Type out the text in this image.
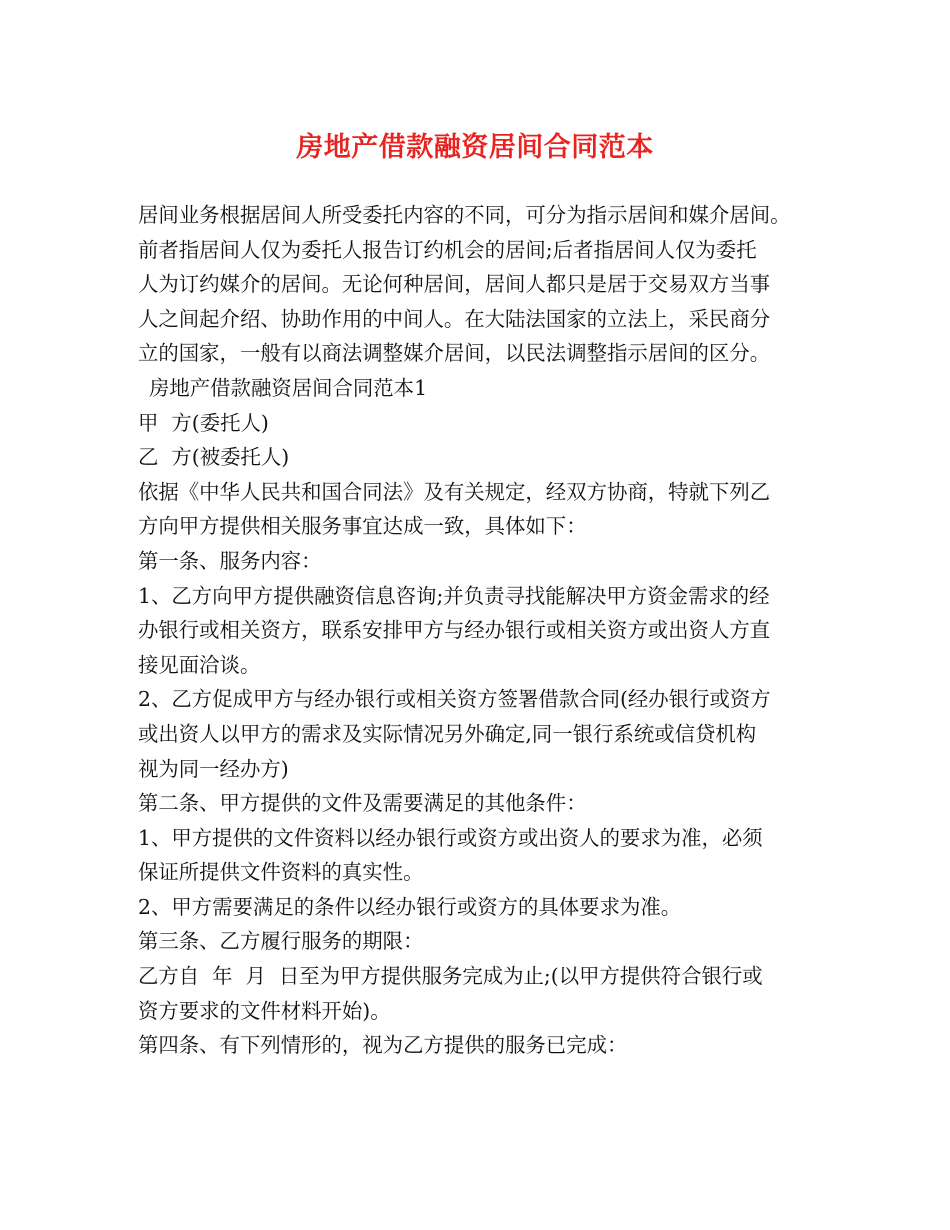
房地产借款融资居间合同范本
居间业务根据居间人所受委托内容的不同，可分为指示居间和媒介居间。
前者指居间人仅为委托人报告订约机会的居间;后者指居间人仅为委托
人为订约媒介的居间。无论何种居间，居间人都只是居于交易双方当事
人之间起介绍、协助作用的中间人。在大陆法国家的立法上，采民商分
立的国家，一般有以商法调整媒介居间，以民法调整指示居间的区分。
房地产借款融资居间合同范本1
甲  方(委托人)
乙  方(被委托人)
依据《中华人民共和国合同法》及有关规定，经双方协商，特就下列乙
方向甲方提供相关服务事宜达成一致，具体如下：
第一条、服务内容：
1、乙方向甲方提供融资信息咨询;并负责寻找能解决甲方资金需求的经
办银行或相关资方，联系安排甲方与经办银行或相关资方或出资人方直
接见面洽谈。
2、乙方促成甲方与经办银行或相关资方签署借款合同(经办银行或资方
或出资人以甲方的需求及实际情况另外确定,同一银行系统或信贷机构
视为同一经办方)
第二条、甲方提供的文件及需要满足的其他条件：
1、甲方提供的文件资料以经办银行或资方或出资人的要求为准，必须
保证所提供文件资料的真实性。
2、甲方需要满足的条件以经办银行或资方的具体要求为准。
第三条、乙方履行服务的期限：
乙方自  年  月  日至为甲方提供服务完成为止;(以甲方提供符合银行或
资方要求的文件材料开始)。
第四条、有下列情形的，视为乙方提供的服务已完成：
